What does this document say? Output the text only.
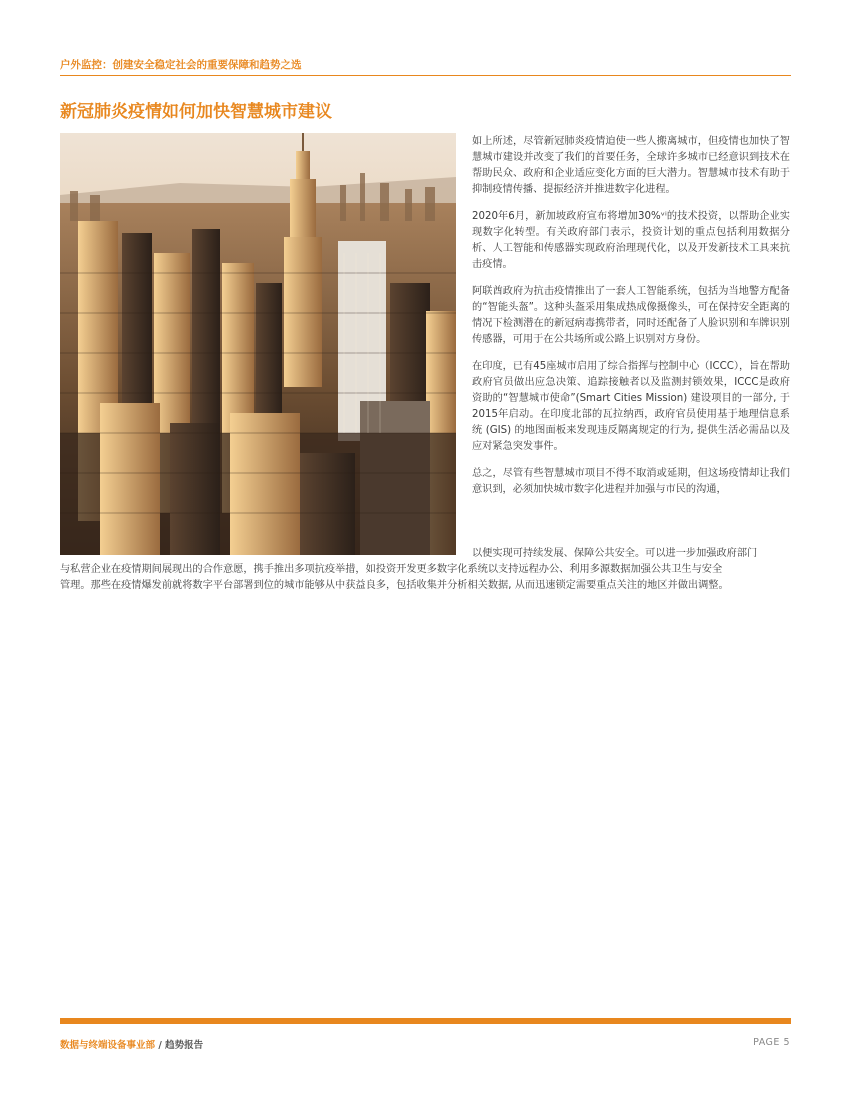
户外监控：创建安全稳定社会的重要保障和趋势之选
新冠肺炎疫情如何加快智慧城市建议

如上所述，尽管新冠肺炎疫情迫使一些人搬离城市，但疫情也加快了智慧城市建设并改变了我们的首要任务，全球许多城市已经意识到技术在帮助民众、政府和企业适应变化方面的巨大潜力。智慧城市技术有助于抑制疫情传播、提振经济并推进数字化进程。

2020年6月，新加坡政府宣布将增加30%ᵛⁱ的技术投资，以帮助企业实现数字化转型。有关政府部门表示，投资计划的重点包括利用数据分析、人工智能和传感器实现政府治理现代化，以及开发新技术工具来抗击疫情。

阿联酋政府为抗击疫情推出了一套人工智能系统，包括为当地警方配备的“智能头盔”。这种头盔采用集成热成像摄像头，可在保持安全距离的情况下检测潜在的新冠病毒携带者，同时还配备了人脸识别和车牌识别传感器，可用于在公共场所或公路上识别对方身份。

在印度，已有45座城市启用了综合指挥与控制中心（ICCC），旨在帮助政府官员做出应急决策、追踪接触者以及监测封锁效果，ICCC是政府资助的“智慧城市使命”(Smart Cities Mission) 建设项目的一部分, 于2015年启动。在印度北部的瓦拉纳西，政府官员使用基于地理信息系统 (GIS) 的地图面板来发现违反隔离规定的行为, 提供生活必需品以及应对紧急突发事件。

总之，尽管有些智慧城市项目不得不取消或延期，但这场疫情却让我们意识到，必须加快城市数字化进程并加强与市民的沟通，

以便实现可持续发展、保障公共安全。可以进一步加强政府部门
与私营企业在疫情期间展现出的合作意愿，携手推出多项抗疫举措，如投资开发更多数字化系统以支持远程办公、利用多源数据加强公共卫生与安全
管理。那些在疫情爆发前就将数字平台部署到位的城市能够从中获益良多，包括收集并分析相关数据, 从而迅速锁定需要重点关注的地区并做出调整。
数据与终端设备事业部 / 趋势报告	PAGE 5
